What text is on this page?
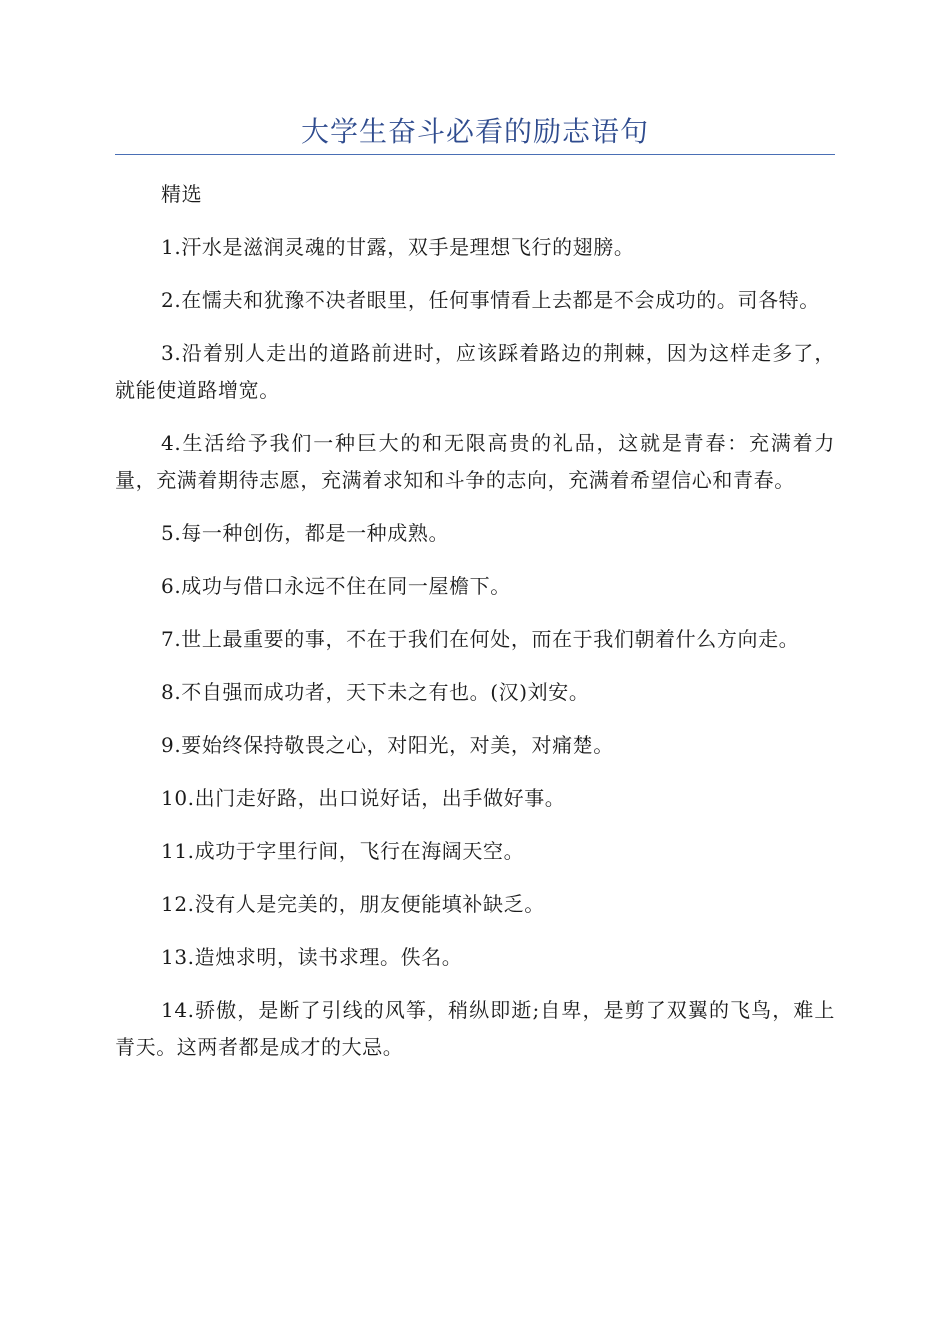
大学生奋斗必看的励志语句

精选

1.汗水是滋润灵魂的甘露，双手是理想飞行的翅膀。

2.在懦夫和犹豫不决者眼里，任何事情看上去都是不会成功的。司各特。

3.沿着别人走出的道路前进时，应该踩着路边的荆棘，因为这样走多了，就能使道路增宽。

4.生活给予我们一种巨大的和无限高贵的礼品，这就是青春：充满着力量，充满着期待志愿，充满着求知和斗争的志向，充满着希望信心和青春。

5.每一种创伤，都是一种成熟。

6.成功与借口永远不住在同一屋檐下。

7.世上最重要的事，不在于我们在何处，而在于我们朝着什么方向走。

8.不自强而成功者，天下未之有也。(汉)刘安。

9.要始终保持敬畏之心，对阳光，对美，对痛楚。

10.出门走好路，出口说好话，出手做好事。

11.成功于字里行间，飞行在海阔天空。

12.没有人是完美的，朋友便能填补缺乏。

13.造烛求明，读书求理。佚名。

14.骄傲，是断了引线的风筝，稍纵即逝;自卑，是剪了双翼的飞鸟，难上青天。这两者都是成才的大忌。
